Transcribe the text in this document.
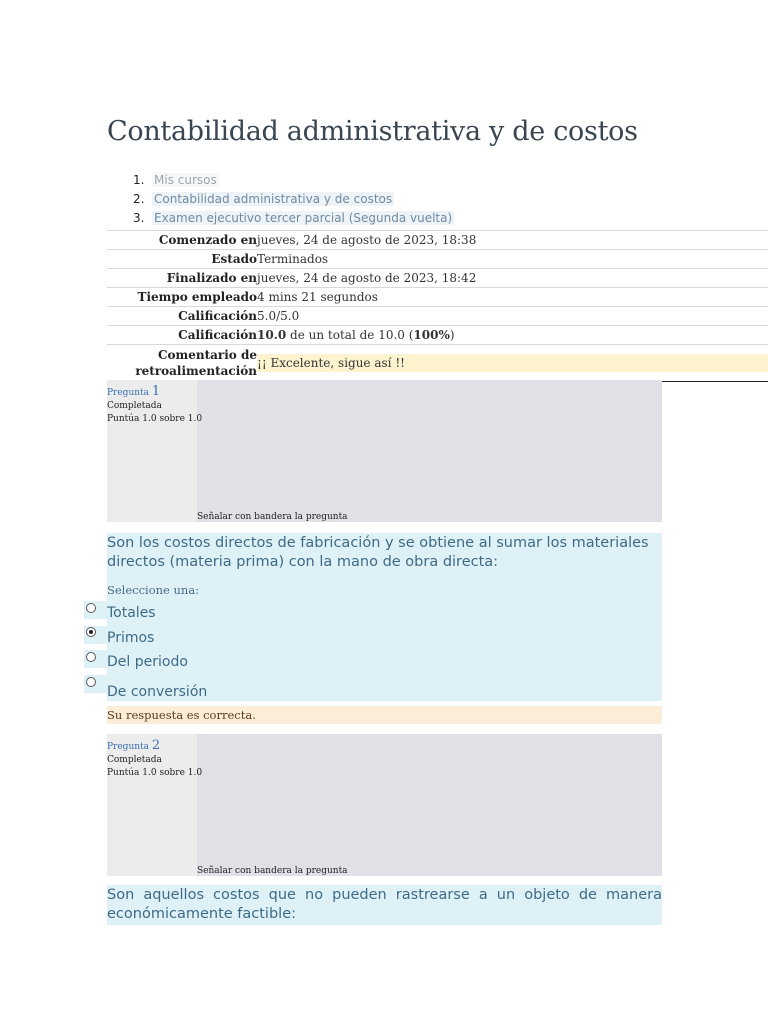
Contabilidad administrativa y de costos
1. Mis cursos
2. Contabilidad administrativa y de costos
3. Examen ejecutivo tercer parcial (Segunda vuelta)
Comenzado en jueves, 24 de agosto de 2023, 18:38
Estado Terminados
Finalizado en jueves, 24 de agosto de 2023, 18:42
Tiempo empleado 4 mins 21 segundos
Calificación 5.0/5.0
Calificación 10.0 de un total de 10.0 (100%)
Comentario de
retroalimentación
¡¡ Excelente, sigue así !!
Pregunta 1
Completada
Puntúa 1.0 sobre 1.0
Señalar con bandera la pregunta
Son los costos directos de fabricación y se obtiene al sumar los materiales directos (materia prima) con la mano de obra directa:
Seleccione una:
Totales
Primos
Del periodo
De conversión
Su respuesta es correcta.
Pregunta 2
Completada
Puntúa 1.0 sobre 1.0
Señalar con bandera la pregunta
Son aquellos costos que no pueden rastrearse a un objeto de manera económicamente factible:
